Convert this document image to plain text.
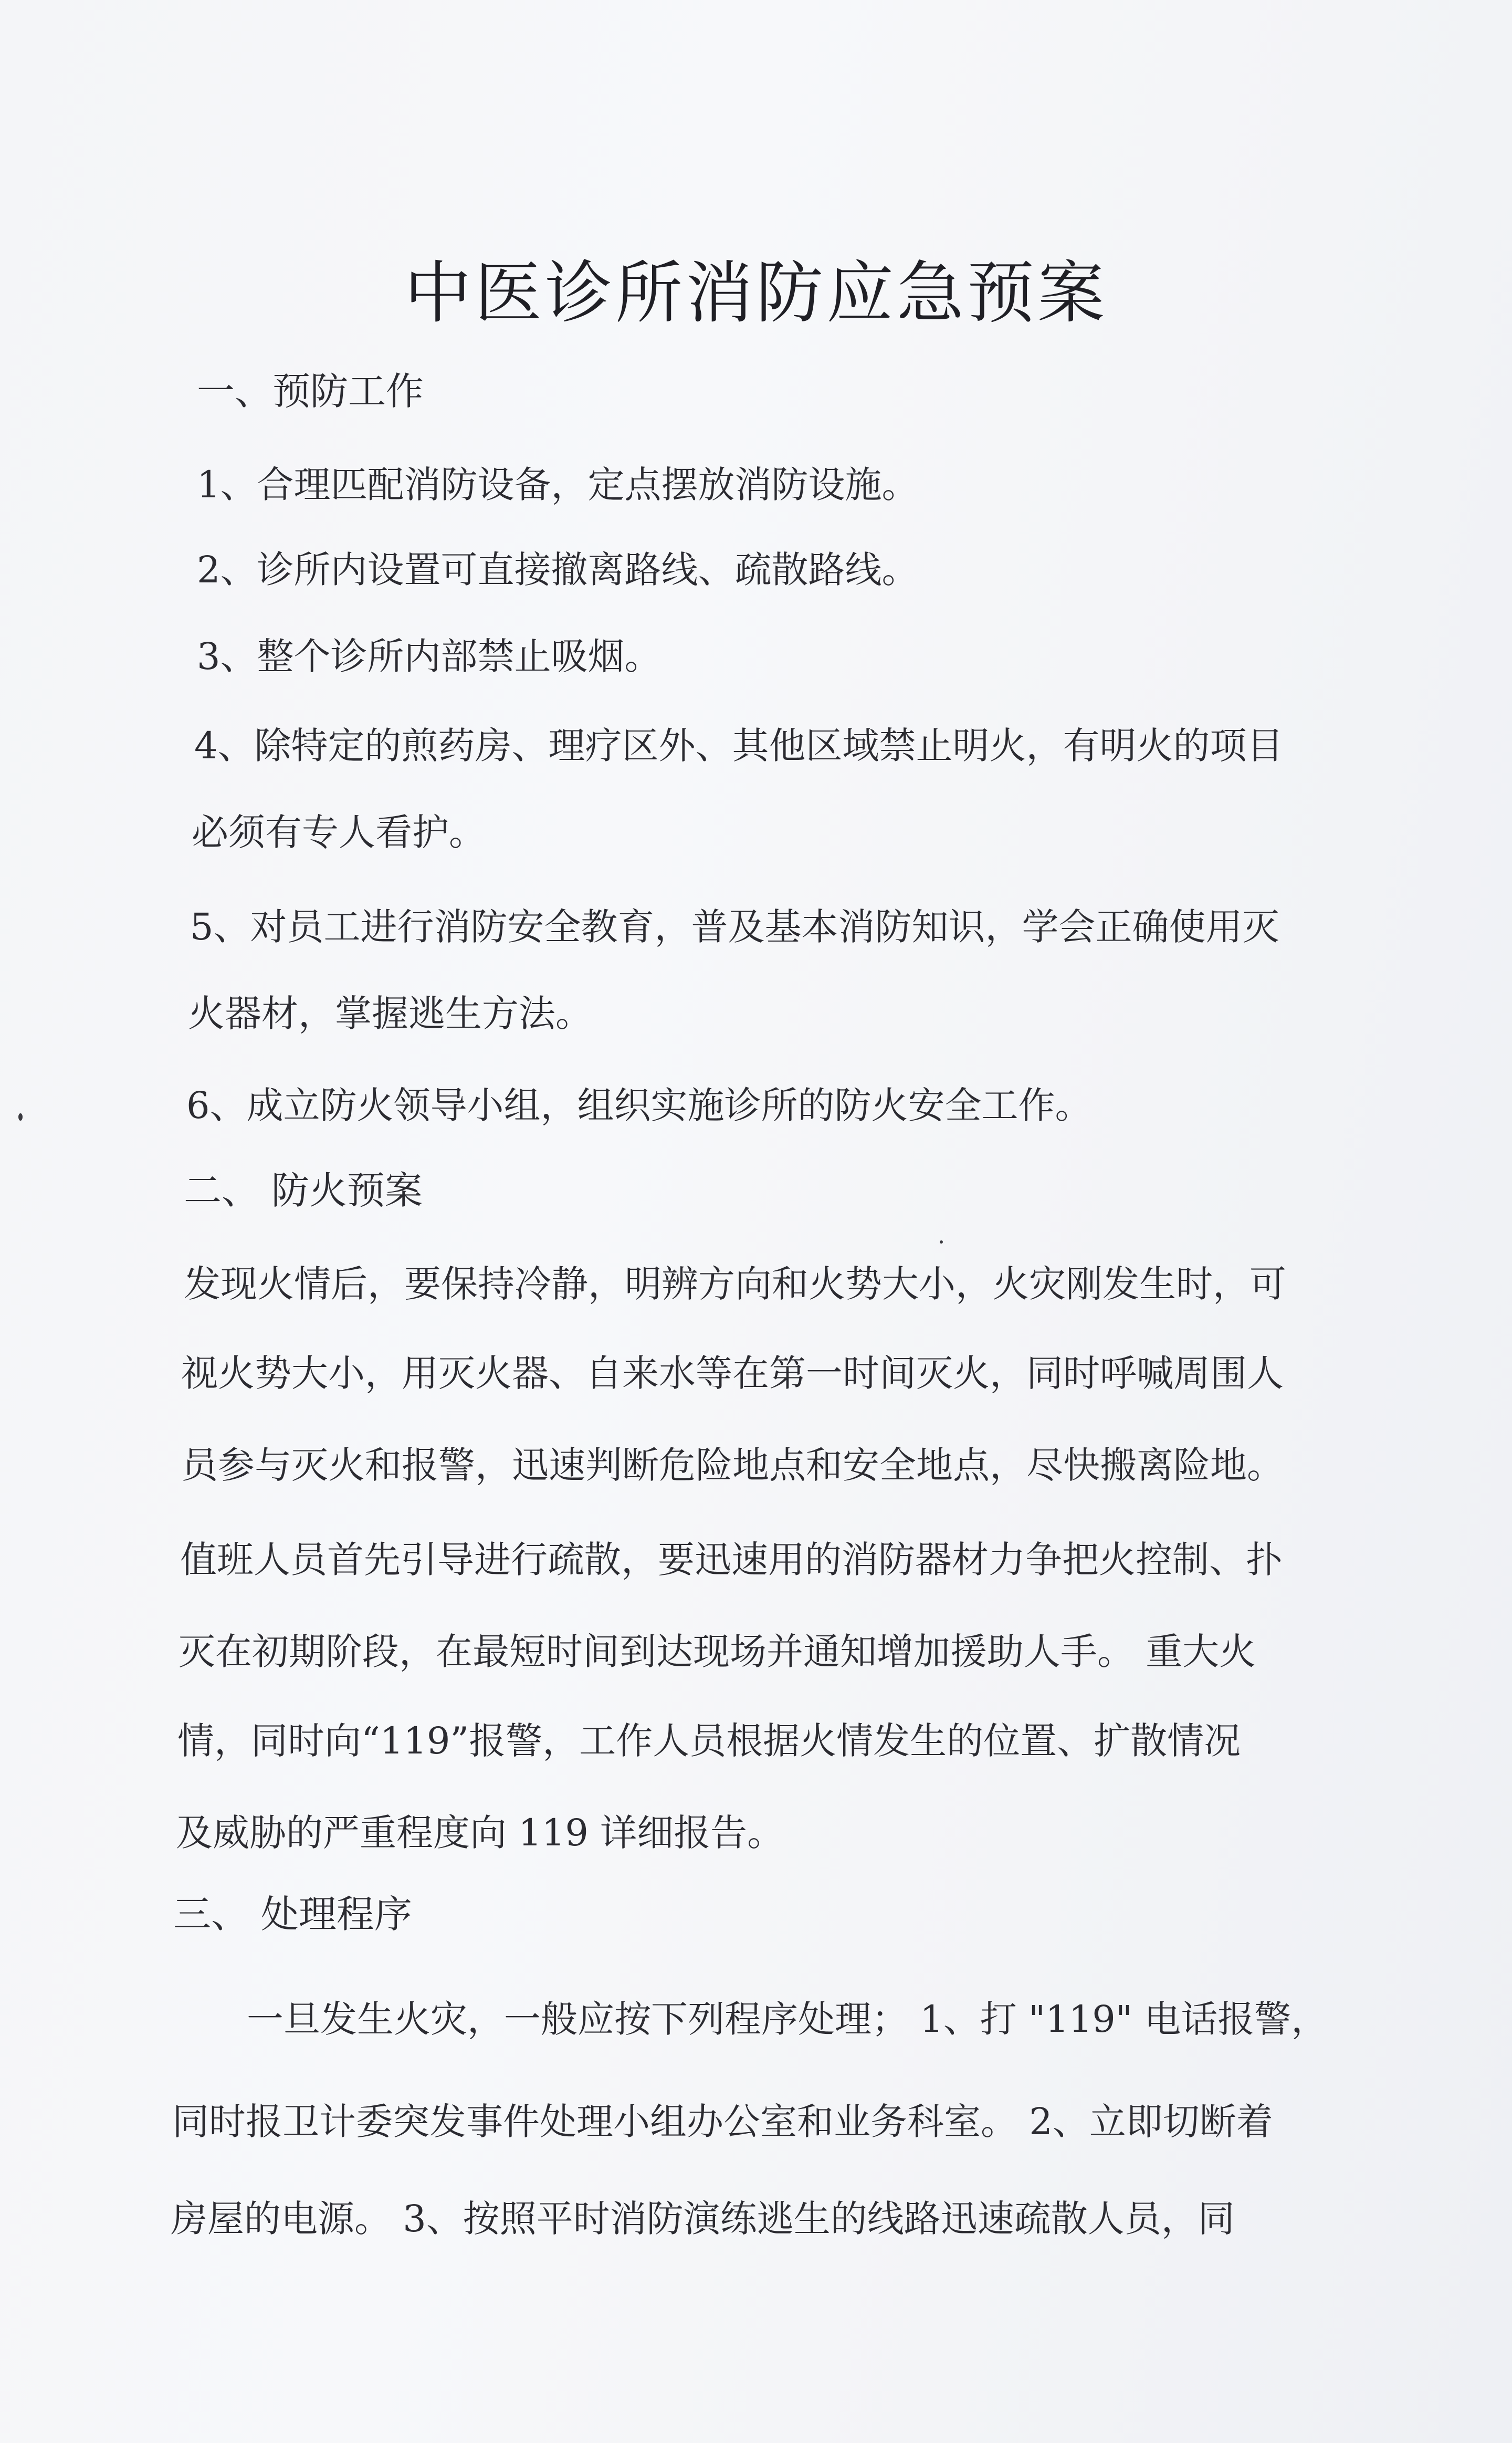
中医诊所消防应急预案
一、预防工作
1、合理匹配消防设备，定点摆放消防设施。
2、诊所内设置可直接撤离路线、疏散路线。
3、整个诊所内部禁止吸烟。
4、除特定的煎药房、理疗区外、其他区域禁止明火，有明火的项目
必须有专人看护。
5、对员工进行消防安全教育，普及基本消防知识，学会正确使用灭
火器材，掌握逃生方法。
6、成立防火领导小组，组织实施诊所的防火安全工作。
二、 防火预案
发现火情后，要保持冷静，明辨方向和火势大小，火灾刚发生时，可
视火势大小，用灭火器、自来水等在第一时间灭火，同时呼喊周围人
员参与灭火和报警，迅速判断危险地点和安全地点，尽快搬离险地。
值班人员首先引导进行疏散，要迅速用的消防器材力争把火控制、扑
灭在初期阶段，在最短时间到达现场并通知增加援助人手。 重大火
情，同时向“119”报警，工作人员根据火情发生的位置、扩散情况
及威胁的严重程度向 119 详细报告。
三、 处理程序
一旦发生火灾，一般应按下列程序处理； 1、打 "119" 电话报警，
同时报卫计委突发事件处理小组办公室和业务科室。 2、立即切断着
房屋的电源。 3、按照平时消防演练逃生的线路迅速疏散人员，同
